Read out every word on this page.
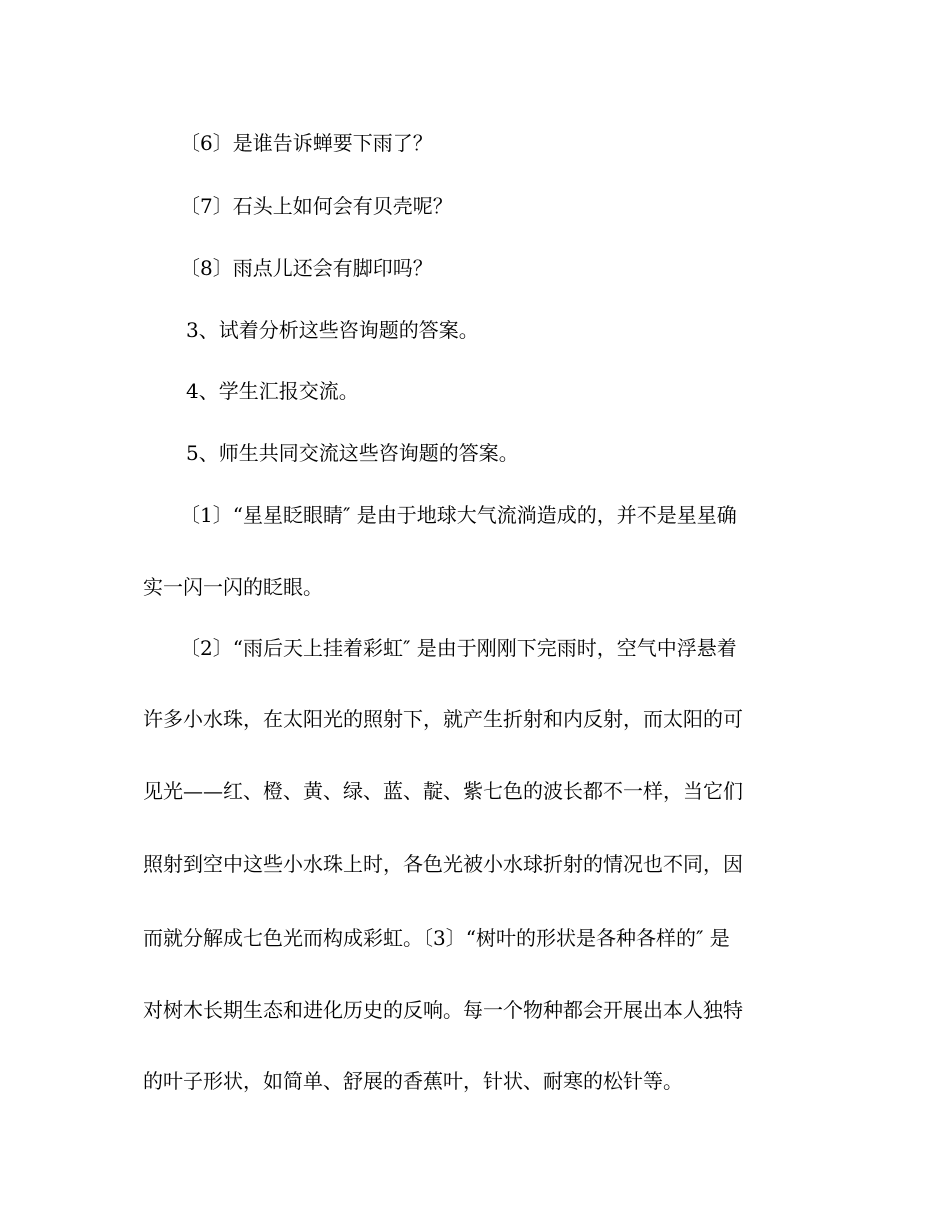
〔6〕是谁告诉蝉要下雨了？
〔7〕石头上如何会有贝壳呢？
〔8〕雨点儿还会有脚印吗？
3、试着分析这些咨询题的答案。
4、学生汇报交流。
5、师生共同交流这些咨询题的答案。
〔1〕“星星眨眼睛″ 是由于地球大气流淌造成的，并不是星星确
实一闪一闪的眨眼。
〔2〕“雨后天上挂着彩虹″ 是由于刚刚下完雨时，空气中浮悬着
许多小水珠，在太阳光的照射下，就产生折射和内反射，而太阳的可
见光——红、橙、黄、绿、蓝、靛、紫七色的波长都不一样，当它们
照射到空中这些小水珠上时，各色光被小水球折射的情况也不同，因
而就分解成七色光而构成彩虹。〔3〕“树叶的形状是各种各样的″ 是
对树木长期生态和进化历史的反响。每一个物种都会开展出本人独特
的叶子形状，如简单、舒展的香蕉叶，针状、耐寒的松针等。
